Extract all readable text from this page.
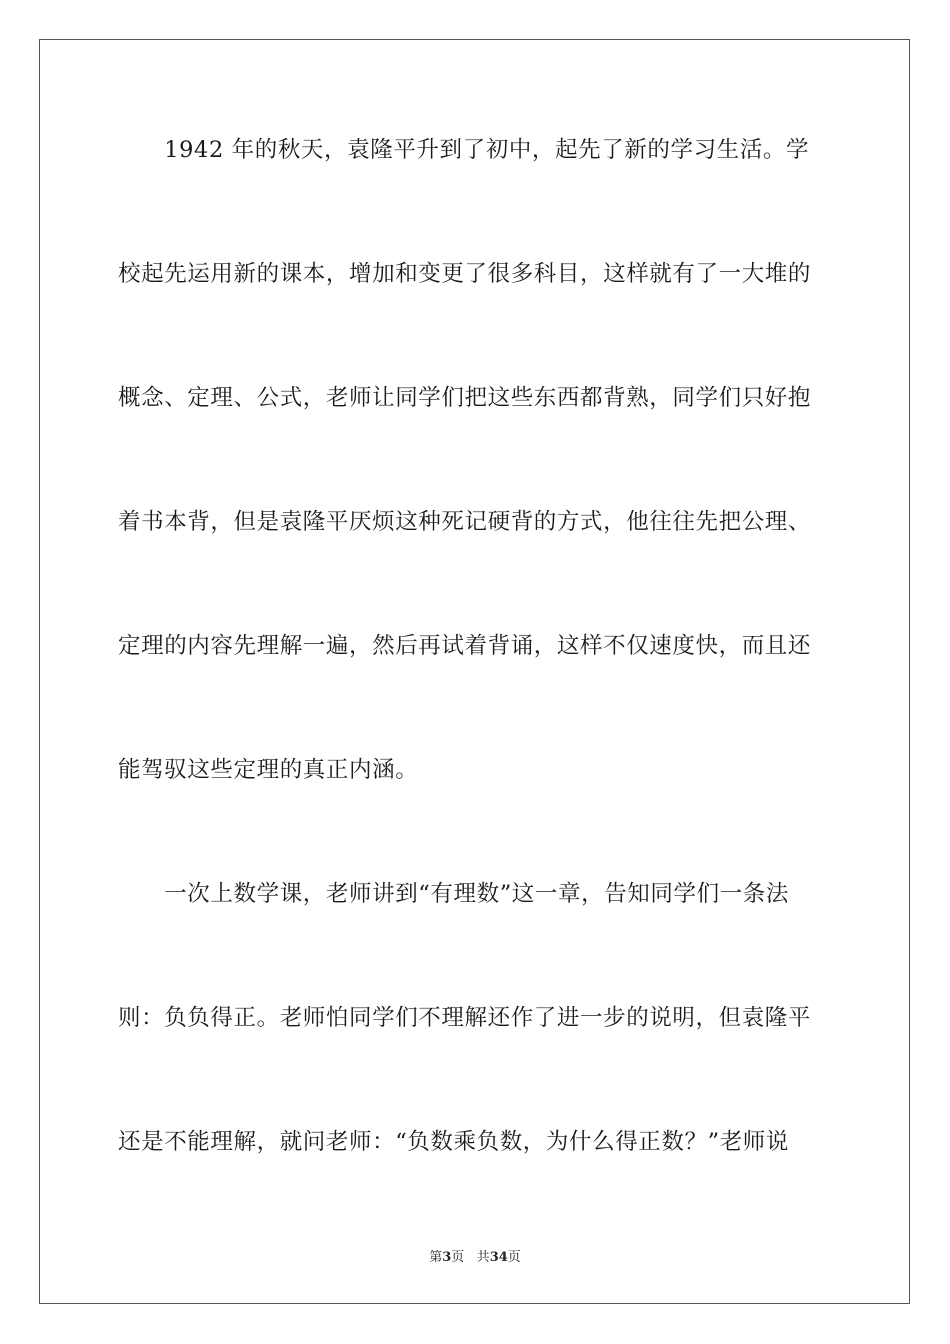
　　1942 年的秋天，袁隆平升到了初中，起先了新的学习生活。学
校起先运用新的课本，增加和变更了很多科目，这样就有了一大堆的
概念、定理、公式，老师让同学们把这些东西都背熟，同学们只好抱
着书本背，但是袁隆平厌烦这种死记硬背的方式，他往往先把公理、
定理的内容先理解一遍，然后再试着背诵，这样不仅速度快，而且还
能驾驭这些定理的真正内涵。
　　一次上数学课，老师讲到“有理数”这一章，告知同学们一条法
则：负负得正。老师怕同学们不理解还作了进一步的说明，但袁隆平
还是不能理解，就问老师：“负数乘负数，为什么得正数？”老师说
第3页 共34页
